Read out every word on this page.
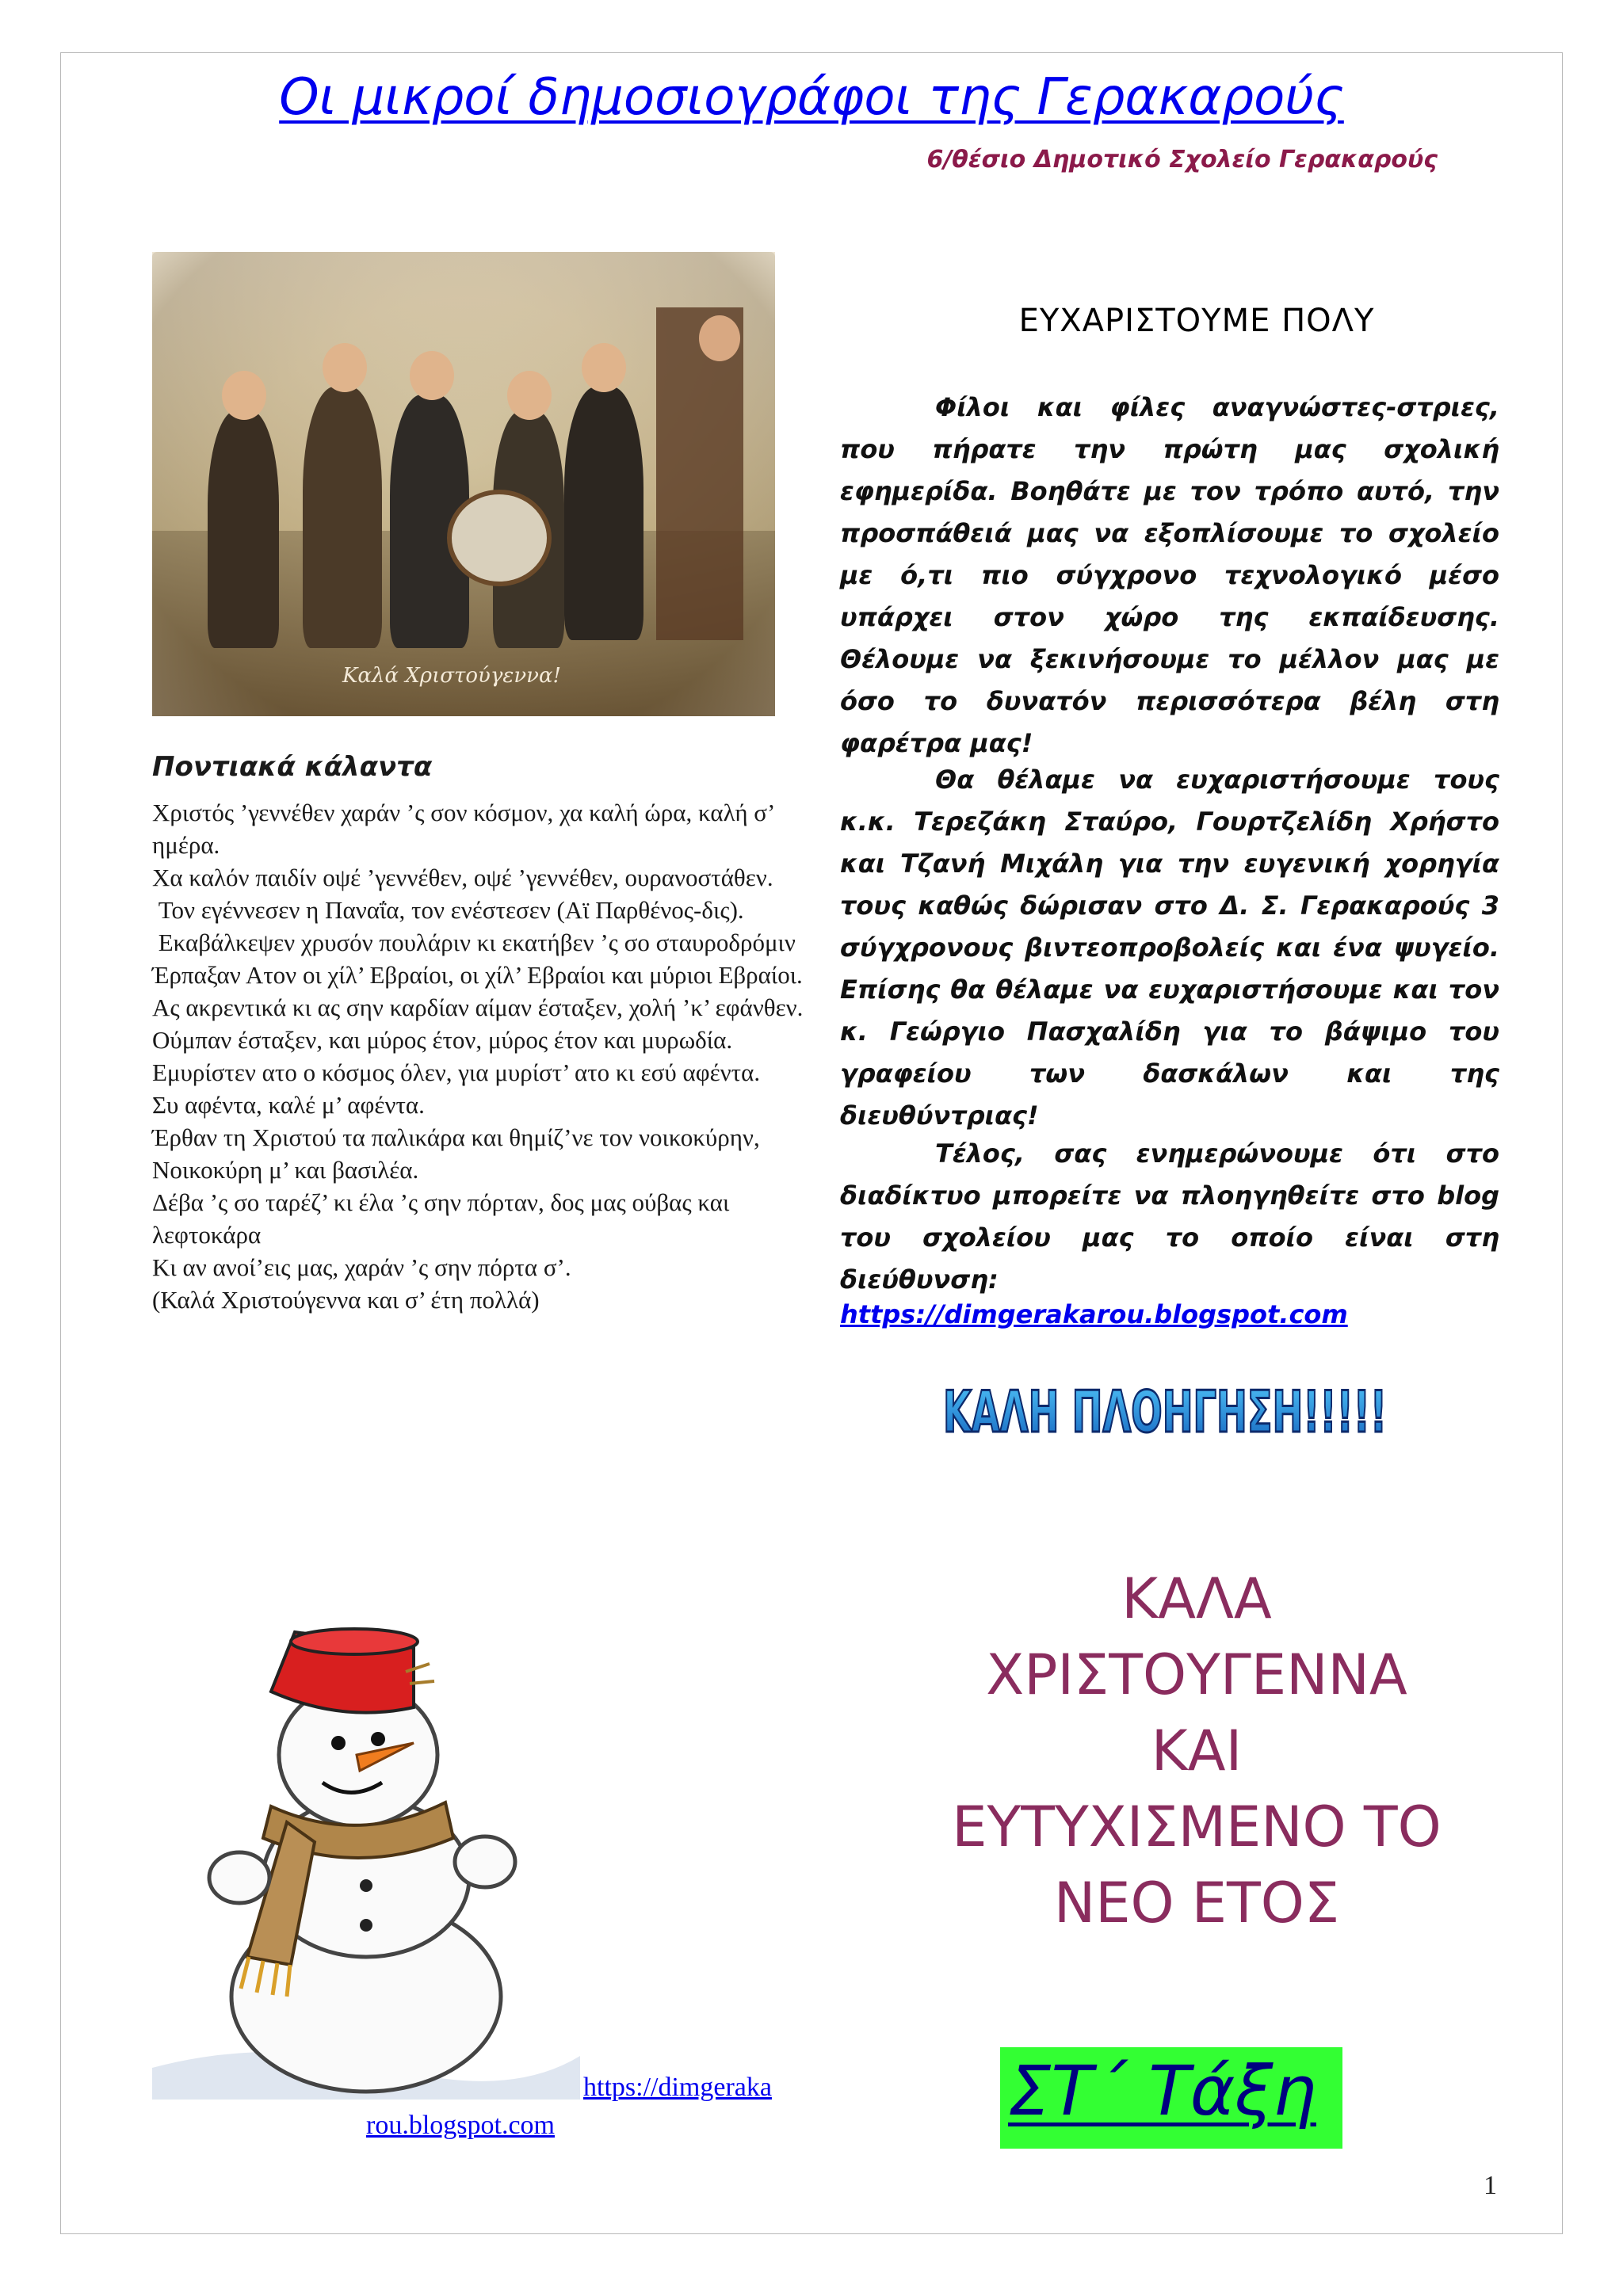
Οι μικροί δημοσιογράφοι της Γερακαρούς
6/θέσιο Δημοτικό Σχολείο Γερακαρούς
Καλά Χριστούγεννα!
Ποντιακά κάλαντα

Χριστός ’γεννέθεν χαράν ’ς σον κόσμον, χα καλή ώρα, καλή σ’ ημέρα.

Χα καλόν παιδίν οψέ ’γεννέθεν, οψέ ’γεννέθεν, ουρανοστάθεν.

Τον εγέννεσεν η Παναΐα, τον ενέστεσεν (Αϊ Παρθένος-δις).

Εκαβάλκεψεν χρυσόν πουλάριν κι εκατήβεν ’ς σο σταυροδρόμιν

Έρπαξαν Ατον οι χίλ’ Εβραίοι, οι χίλ’ Εβραίοι και μύριοι Εβραίοι.

Ας ακρεντικά κι ας σην καρδίαν αίμαν έσταξεν, χολή ’κ’ εφάνθεν.

Ούμπαν έσταξεν, και μύρος έτον, μύρος έτον και μυρωδία.

Εμυρίστεν ατο ο κόσμος όλεν, για μυρίστ’ ατο κι εσύ αφέντα.

Συ αφέντα, καλέ μ’ αφέντα.

Έρθαν τη Χριστού τα παλικάρα και θημίζ’νε τον νοικοκύρην,

Νοικοκύρη μ’ και βασιλέα.

Δέβα ’ς σο ταρέζ’ κι έλα ’ς σην πόρταν, δος μας ούβας και λεφτοκάρα

Κι αν ανοί’εις μας, χαράν ’ς σην πόρτα σ’.

(Καλά Χριστούγεννα και σ’ έτη πολλά)

https://dimgeraka
rou.blogspot.com
ΕΥΧΑΡΙΣΤΟΥΜΕ ΠΟΛΥ
Φίλοι και φίλες αναγνώστες-στριες, που πήρατε την πρώτη μας σχολική εφημερίδα. Βοηθάτε με τον τρόπο αυτό, την προσπάθειά μας να εξοπλίσουμε το σχολείο με ό,τι πιο σύγχρονο τεχνολογικό μέσο υπάρχει στον χώρο της εκπαίδευσης. Θέλουμε να ξεκινήσουμε το μέλλον μας με όσο το δυνατόν περισσότερα βέλη στη φαρέτρα μας!
Θα θέλαμε να ευχαριστήσουμε τους κ.κ. Τερεζάκη Σταύρο, Γουρτζελίδη Χρήστο και Τζανή Μιχάλη για την ευγενική χορηγία τους καθώς δώρισαν στο Δ. Σ. Γερακαρούς 3 σύγχρονους βιντεοπροβολείς και ένα ψυγείο. Επίσης θα θέλαμε να ευχαριστήσουμε και τον κ. Γεώργιο Πασχαλίδη για το βάψιμο του γραφείου των δασκάλων και της διευθύντριας!
Τέλος, σας ενημερώνουμε ότι στο διαδίκτυο μπορείτε να πλοηγηθείτε στο blog του σχολείου μας το οποίο είναι στη διεύθυνση:
https://dimgerakarou.blogspot.com
ΚΑΛΗ ΠΛΟΗΓΗΣΗ!!!!!
ΚΑΛΑ
ΧΡΙΣΤΟΥΓΕΝΝΑ
ΚΑΙ
ΕΥΤΥΧΙΣΜΕΝΟ ΤΟ
ΝΕΟ ΕΤΟΣ
ΣΤ΄ Τάξη
1
